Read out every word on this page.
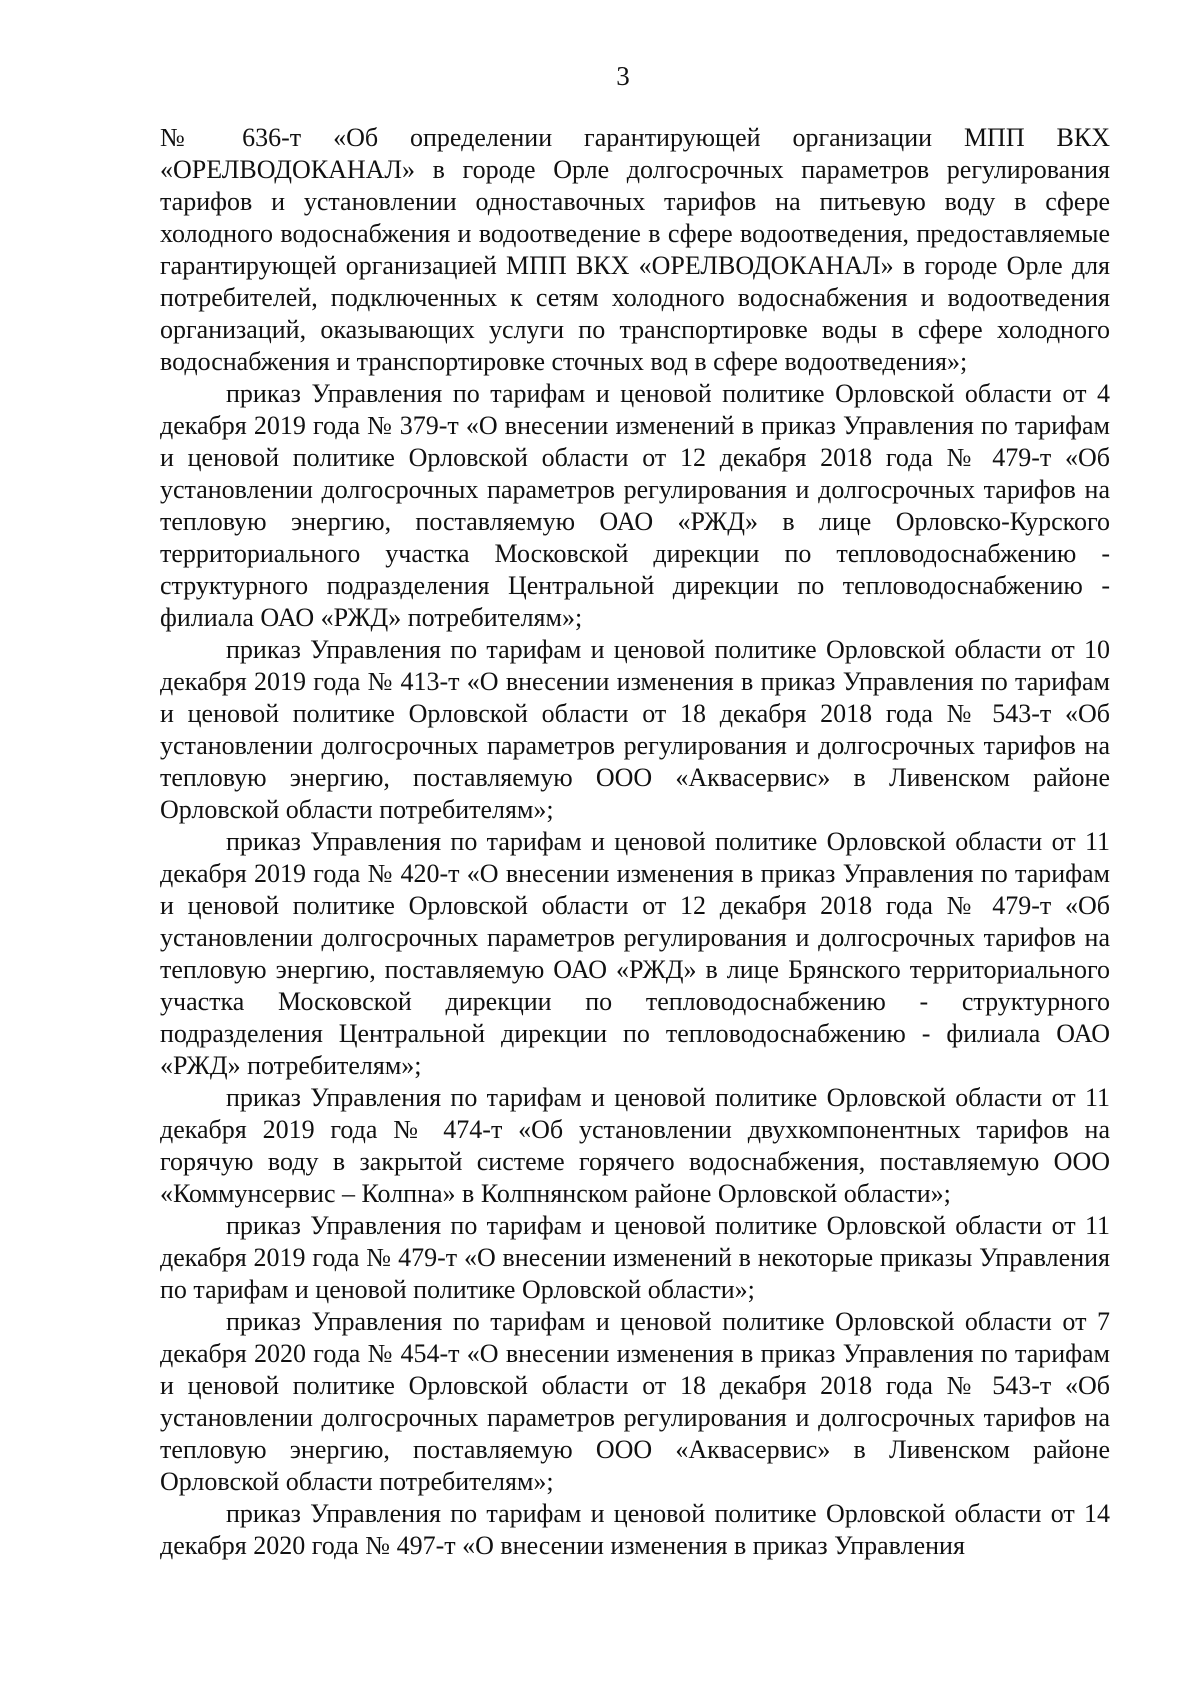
3

№ 636-т «Об определении гарантирующей организации МПП ВКХ «ОРЕЛВОДОКАНАЛ» в городе Орле долгосрочных параметров регулирования тарифов и установлении одноставочных тарифов на питьевую воду в сфере холодного водоснабжения и водоотведение в сфере водоотведения, предоставляемые гарантирующей организацией МПП ВКХ «ОРЕЛВОДОКАНАЛ» в городе Орле для потребителей, подключенных к сетям холодного водоснабжения и водоотведения организаций, оказывающих услуги по транспортировке воды в сфере холодного водоснабжения и транспортировке сточных вод в сфере водоотведения»;

приказ Управления по тарифам и ценовой политике Орловской области от 4 декабря 2019 года № 379-т «О внесении изменений в приказ Управления по тарифам и ценовой политике Орловской области от 12 декабря 2018 года № 479-т «Об установлении долгосрочных параметров регулирования и долгосрочных тарифов на тепловую энергию, поставляемую ОАО «РЖД» в лице Орловско-Курского территориального участка Московской дирекции по тепловодоснабжению - структурного подразделения Центральной дирекции по тепловодоснабжению - филиала ОАО «РЖД» потребителям»;

приказ Управления по тарифам и ценовой политике Орловской области от 10 декабря 2019 года № 413-т «О внесении изменения в приказ Управления по тарифам и ценовой политике Орловской области от 18 декабря 2018 года № 543-т «Об установлении долгосрочных параметров регулирования и долгосрочных тарифов на тепловую энергию, поставляемую ООО «Аквасервис» в Ливенском районе Орловской области потребителям»;

приказ Управления по тарифам и ценовой политике Орловской области от 11 декабря 2019 года № 420-т «О внесении изменения в приказ Управления по тарифам и ценовой политике Орловской области от 12 декабря 2018 года № 479-т «Об установлении долгосрочных параметров регулирования и долгосрочных тарифов на тепловую энергию, поставляемую ОАО «РЖД» в лице Брянского территориального участка Московской дирекции по тепловодоснабжению - структурного подразделения Центральной дирекции по тепловодоснабжению - филиала ОАО «РЖД» потребителям»;

приказ Управления по тарифам и ценовой политике Орловской области от 11 декабря 2019 года № 474-т «Об установлении двухкомпонентных тарифов на горячую воду в закрытой системе горячего водоснабжения, поставляемую ООО «Коммунсервис – Колпна» в Колпнянском районе Орловской области»;

приказ Управления по тарифам и ценовой политике Орловской области от 11 декабря 2019 года № 479-т «О внесении изменений в некоторые приказы Управления по тарифам и ценовой политике Орловской области»;

приказ Управления по тарифам и ценовой политике Орловской области от 7 декабря 2020 года № 454-т «О внесении изменения в приказ Управления по тарифам и ценовой политике Орловской области от 18 декабря 2018 года № 543-т «Об установлении долгосрочных параметров регулирования и долгосрочных тарифов на тепловую энергию, поставляемую ООО «Аквасервис» в Ливенском районе Орловской области потребителям»;

приказ Управления по тарифам и ценовой политике Орловской области от 14 декабря 2020 года № 497-т «О внесении изменения в приказ Управления
